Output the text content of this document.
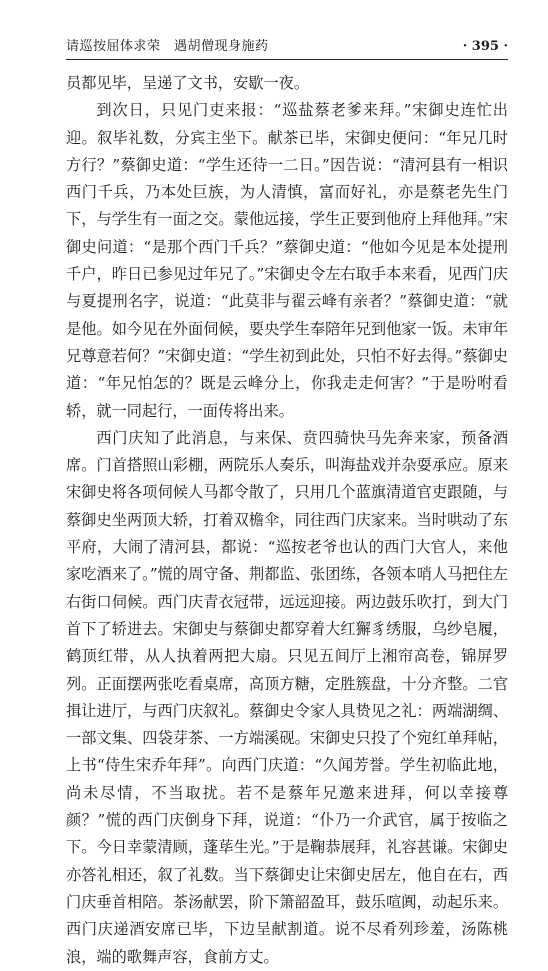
请巡按屈体求荣　遇胡僧现身施药	· 395 ·

员都见毕，呈递了文书，安歇一夜。

到次日，只见门吏来报：“巡盐蔡老爹来拜。”宋御史连忙出迎。叙毕礼数，分宾主坐下。献茶已毕，宋御史便问：“年兄几时方行？”蔡御史道：“学生还待一二日。”因告说：“清河县有一相识西门千兵，乃本处巨族，为人清慎，富而好礼，亦是蔡老先生门下，与学生有一面之交。蒙他远接，学生正要到他府上拜他拜。”宋御史问道：“是那个西门千兵？”蔡御史道：“他如今见是本处提刑千户，昨日已参见过年兄了。”宋御史令左右取手本来看，见西门庆与夏提刑名字，说道：“此莫非与翟云峰有亲者？”蔡御史道：“就是他。如今见在外面伺候，要央学生奉陪年兄到他家一饭。未审年兄尊意若何？”宋御史道：“学生初到此处，只怕不好去得。”蔡御史道：“年兄怕怎的？既是云峰分上，你我走走何害？”于是吩咐看轿，就一同起行，一面传将出来。

西门庆知了此消息，与来保、贲四骑快马先奔来家，预备酒席。门首搭照山彩棚，两院乐人奏乐，叫海盐戏并杂耍承应。原来宋御史将各项伺候人马都令散了，只用几个蓝旗清道官吏跟随，与蔡御史坐两顶大轿，打着双檐伞，同往西门庆家来。当时哄动了东平府，大闹了清河县，都说：“巡按老爷也认的西门大官人，来他家吃酒来了。”慌的周守备、荆都监、张团练，各领本哨人马把住左右街口伺候。西门庆青衣冠带，远远迎接。两边鼓乐吹打，到大门首下了轿进去。宋御史与蔡御史都穿着大红獬豸绣服，乌纱皂履，鹤顶红带，从人执着两把大扇。只见五间厅上湘帘高卷，锦屏罗列。正面摆两张吃看桌席，高顶方糖，定胜簇盘，十分齐整。二官揖让进厅，与西门庆叙礼。蔡御史令家人具贽见之礼：两端湖绸、一部文集、四袋芽茶、一方端溪砚。宋御史只投了个宛红单拜帖，上书“侍生宋乔年拜”。向西门庆道：“久闻芳誉。学生初临此地，尚未尽情，不当取扰。若不是蔡年兄邀来进拜，何以幸接尊颜？”慌的西门庆倒身下拜，说道：“仆乃一介武官，属于按临之下。今日幸蒙清顾，蓬荜生光。”于是鞠恭展拜，礼容甚谦。宋御史亦答礼相还，叙了礼数。当下蔡御史让宋御史居左，他自在右，西门庆垂首相陪。茶汤献罢，阶下箫韶盈耳，鼓乐喧阗，动起乐来。西门庆递酒安席已毕，下边呈献割道。说不尽肴列珍羞，汤陈桃浪，端的歌舞声容，食前方丈。
